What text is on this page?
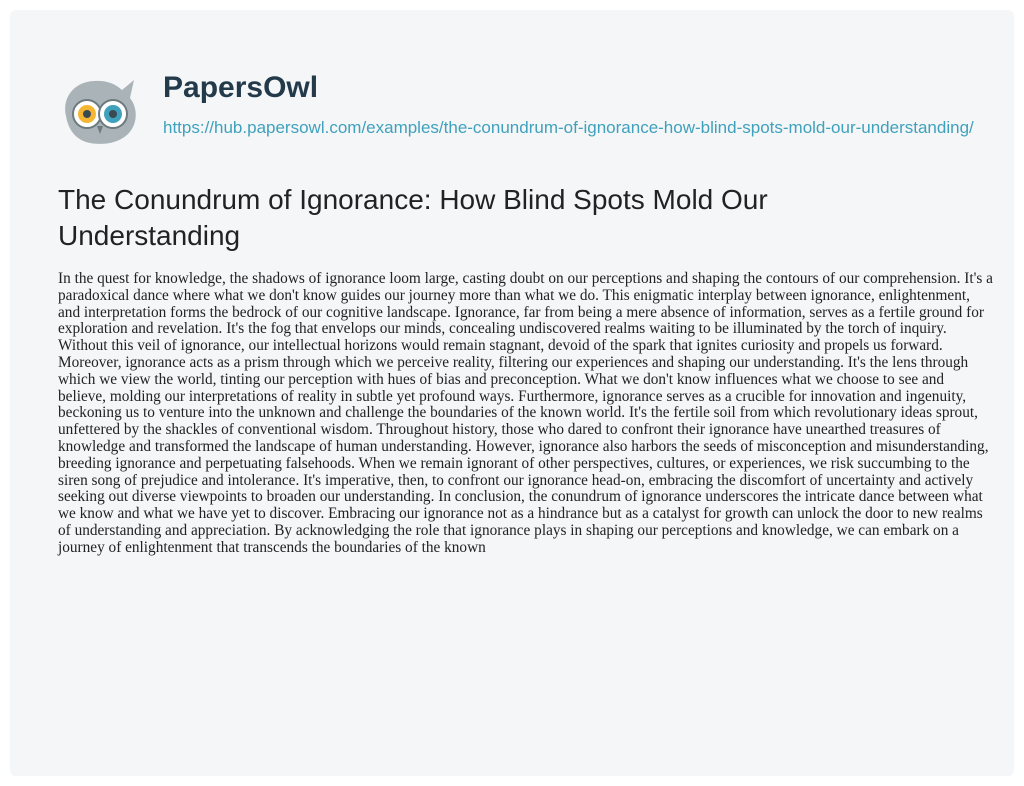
PapersOwl
https://hub.papersowl.com/examples/the-conundrum-of-ignorance-how-blind-spots-mold-our-understanding/
The Conundrum of Ignorance: How Blind Spots Mold Our Understanding

In the quest for knowledge, the shadows of ignorance loom large, casting doubt on our perceptions and shaping the contours of our comprehension. It's a paradoxical dance where what we don't know guides our journey more than what we do. This enigmatic interplay between ignorance, enlightenment, and interpretation forms the bedrock of our cognitive landscape. Ignorance, far from being a mere absence of information, serves as a fertile ground for exploration and revelation. It's the fog that envelops our minds, concealing undiscovered realms waiting to be illuminated by the torch of inquiry. Without this veil of ignorance, our intellectual horizons would remain stagnant, devoid of the spark that ignites curiosity and propels us forward. Moreover, ignorance acts as a prism through which we perceive reality, filtering our experiences and shaping our understanding. It's the lens through which we view the world, tinting our perception with hues of bias and preconception. What we don't know influences what we choose to see and believe, molding our interpretations of reality in subtle yet profound ways. Furthermore, ignorance serves as a crucible for innovation and ingenuity, beckoning us to venture into the unknown and challenge the boundaries of the known world. It's the fertile soil from which revolutionary ideas sprout, unfettered by the shackles of conventional wisdom. Throughout history, those who dared to confront their ignorance have unearthed treasures of knowledge and transformed the landscape of human understanding. However, ignorance also harbors the seeds of misconception and misunderstanding, breeding ignorance and perpetuating falsehoods. When we remain ignorant of other perspectives, cultures, or experiences, we risk succumbing to the siren song of prejudice and intolerance. It's imperative, then, to confront our ignorance head-on, embracing the discomfort of uncertainty and actively seeking out diverse viewpoints to broaden our understanding. In conclusion, the conundrum of ignorance underscores the intricate dance between what we know and what we have yet to discover. Embracing our ignorance not as a hindrance but as a catalyst for growth can unlock the door to new realms of understanding and appreciation. By acknowledging the role that ignorance plays in shaping our perceptions and knowledge, we can embark on a journey of enlightenment that transcends the boundaries of the known
